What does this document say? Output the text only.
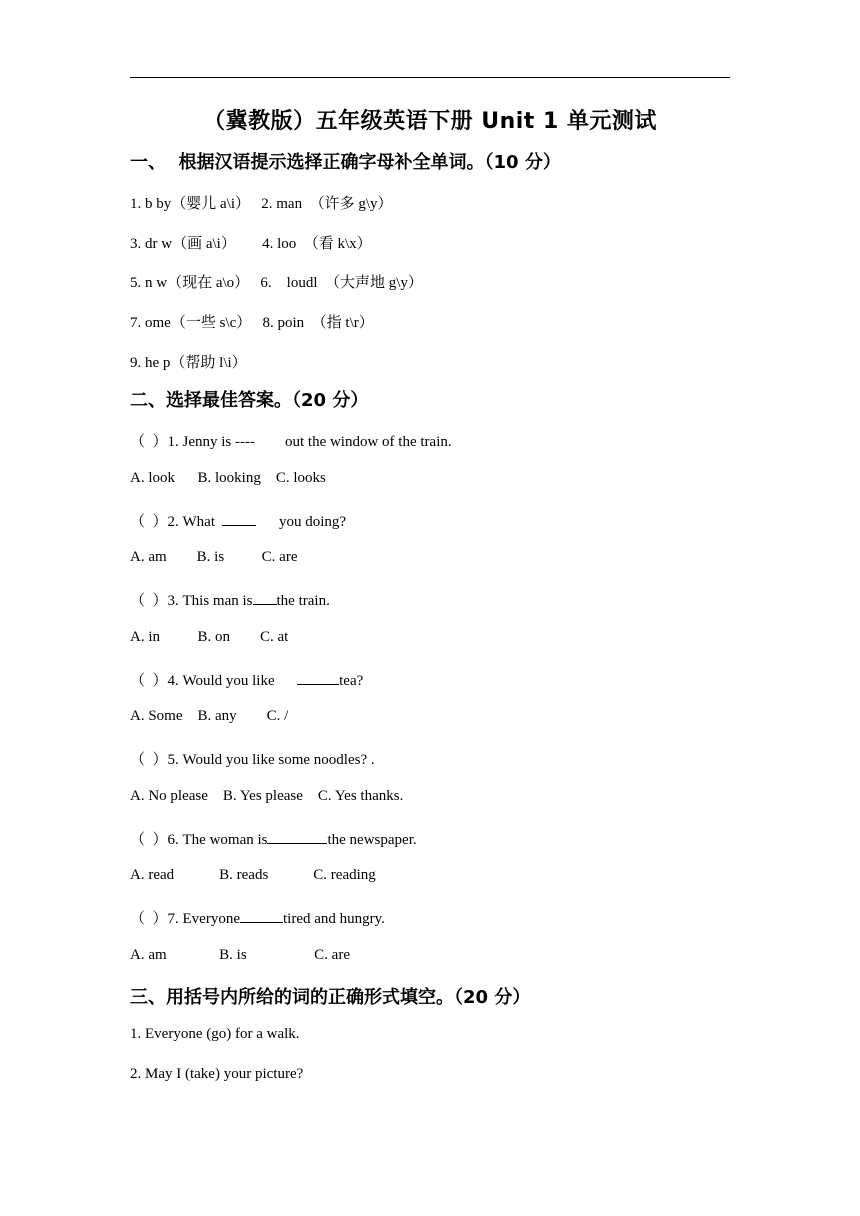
（冀教版）五年级英语下册 Unit 1 单元测试
一、  根据汉语提示选择正确字母补全单词。（10 分）
1. b by（婴儿 a\i）   2. man  （许多 g\y）
3. dr w（画 a\i）       4. loo  （看 k\x）
5. n w（现在 a\o）   6.    loudl  （大声地 g\y）
7. ome（一些 s\c）   8. poin  （指 t\r）
9. he p（帮助 l\i）
二、选择最佳答案。（20 分）
（  ）1. Jenny is ----        out the window of the train.
A. look      B. looking    C. looks
（  ）2. What        you doing?
A. am        B. is          C. are
（  ）3. This man is the train.
A. in          B. on        C. at
（  ）4. Would you like	tea?
A. Some    B. any        C. /
（  ）5. Would you like some noodles? .
A. No please    B. Yes please    C. Yes thanks.
（  ）6. The woman is	the newspaper.
A. read            B. reads            C. reading
（  ）7. Everyone	tired and hungry.
A. am              B. is                  C. are
三、用括号内所给的词的正确形式填空。（20 分）
1. Everyone (go) for a walk.
2. May I (take) your picture?
